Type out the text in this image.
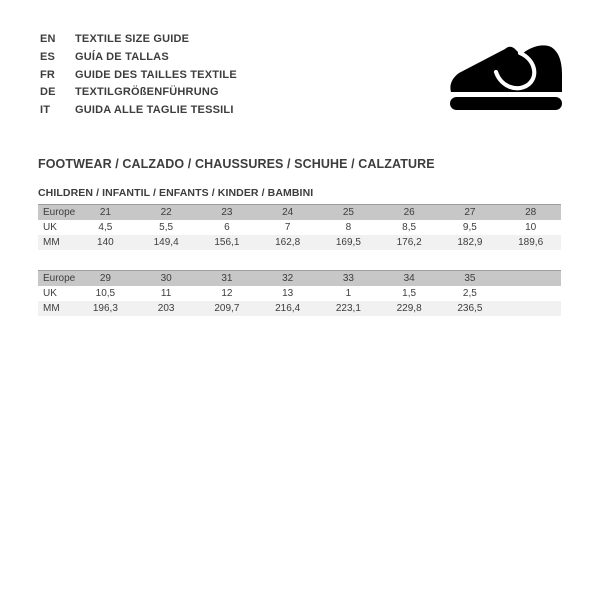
EN TEXTILE SIZE GUIDE
ES GUÍA DE TALLAS
FR GUIDE DES TAILLES TEXTILE
DE TEXTILGRÖßENFÜHRUNG
IT GUIDA ALLE TAGLIE TESSILI
FOOTWEAR / CALZADO / CHAUSSURES / SCHUHE / CALZATURE
CHILDREN / INFANTIL / ENFANTS / KINDER / BAMBINI
Europe	21	22	23	24	25	26	27	28
UK	4,5	5,5	6	7	8	8,5	9,5	10
MM	140	149,4	156,1	162,8	169,5	176,2	182,9	189,6
Europe	29	30	31	32	33	34	35	
UK	10,5	11	12	13	1	1,5	2,5	
MM	196,3	203	209,7	216,4	223,1	229,8	236,5	
